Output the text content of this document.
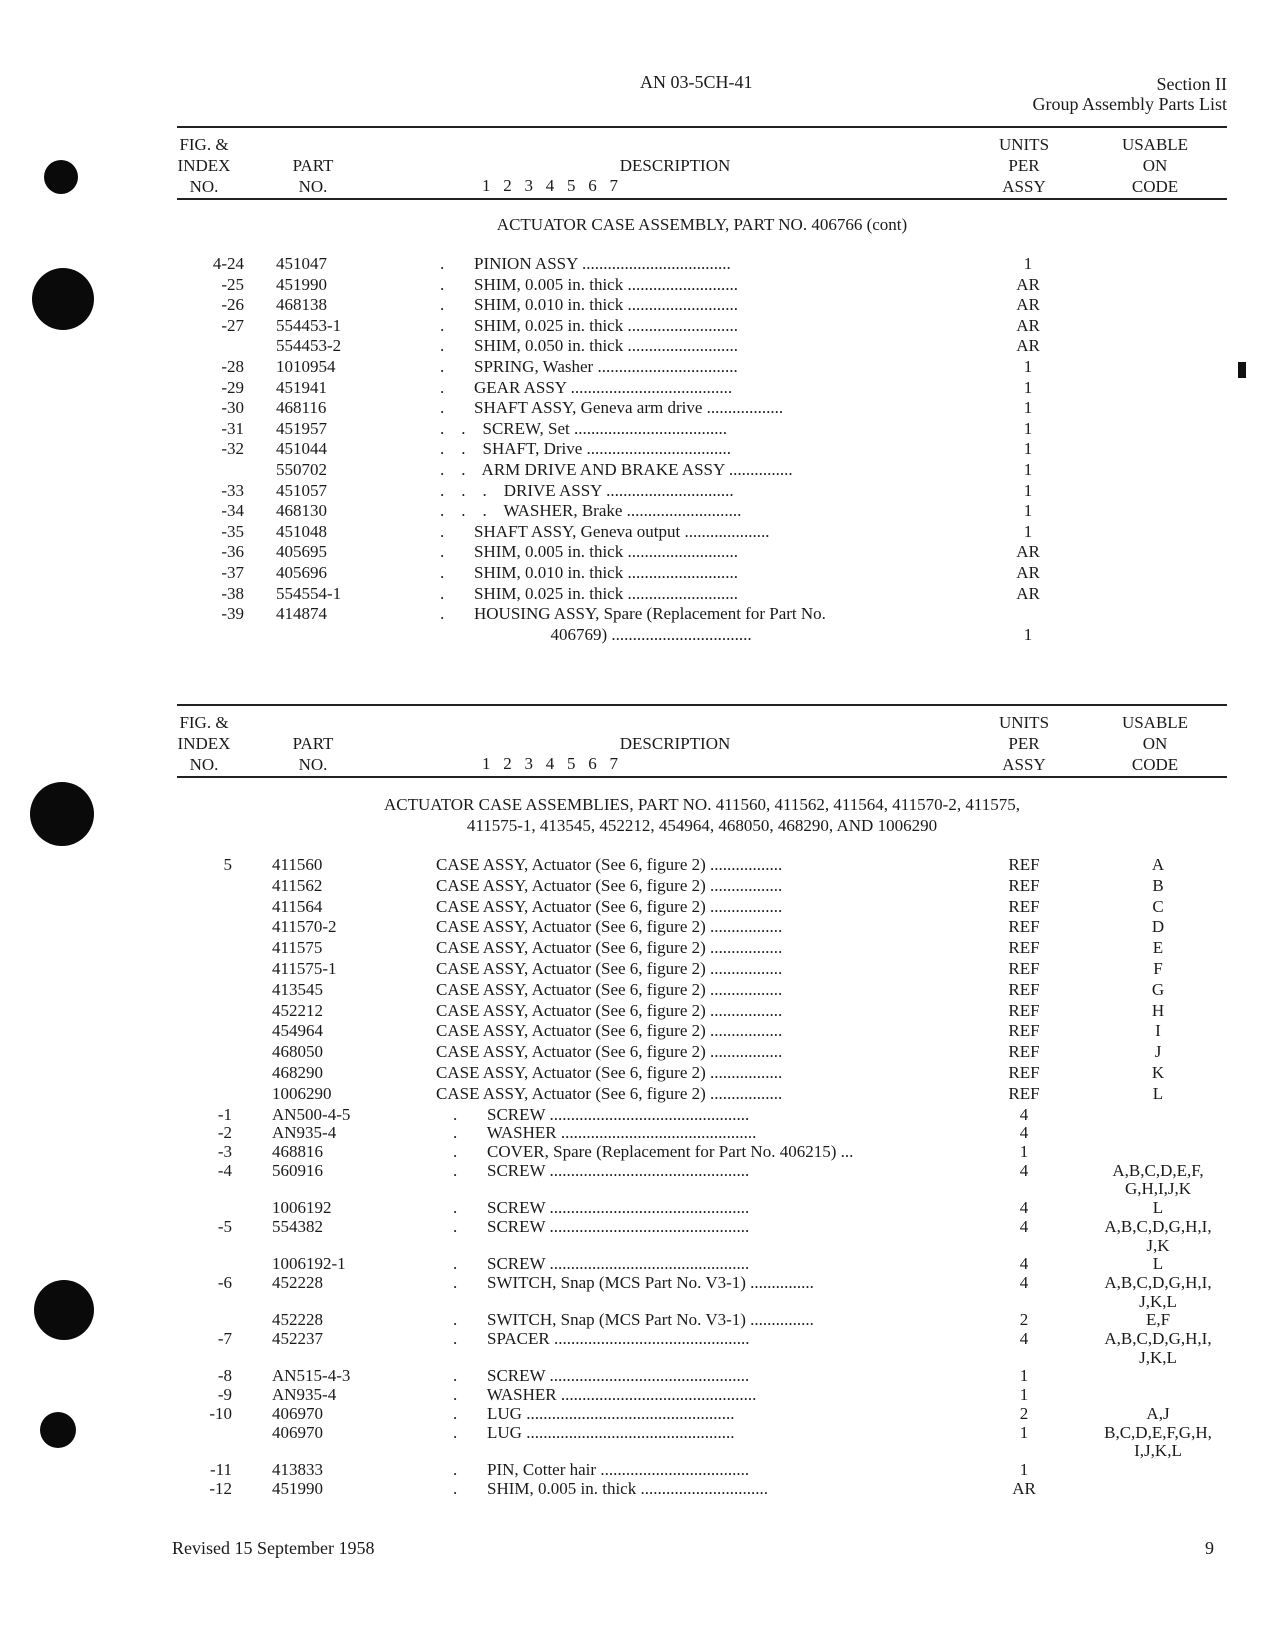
AN 03-5CH-41	Section II
Group Assembly Parts List
FIG. &
INDEX
NO.
PART
NO.
DESCRIPTION
1   2   3   4   5   6   7
UNITS
PER
ASSY
USABLE
ON
CODE
ACTUATOR CASE ASSEMBLY, PART NO. 406766 (cont)
4-24 451047	.       PINION ASSY ...................................	1
-25 451990	.       SHIM, 0.005 in. thick ..........................	AR
-26 468138	.       SHIM, 0.010 in. thick ..........................	AR
-27 554453-1	.       SHIM, 0.025 in. thick ..........................	AR
554453-2	.       SHIM, 0.050 in. thick ..........................	AR
-28 1010954	.       SPRING, Washer .................................	1
-29 451941	.       GEAR ASSY ......................................	1
-30 468116	.       SHAFT ASSY, Geneva arm drive ..................	1
-31 451957	.    .    SCREW, Set ....................................	1
-32 451044	.    .    SHAFT, Drive ..................................	1
550702	.    .    ARM DRIVE AND BRAKE ASSY ...............	1
-33 451057	.    .    .    DRIVE ASSY ..............................	1
-34 468130	.    .    .    WASHER, Brake ...........................	1
-35 451048	.       SHAFT ASSY, Geneva output ....................	1
-36 405695	.       SHIM, 0.005 in. thick ..........................	AR
-37 405696	.       SHIM, 0.010 in. thick ..........................	AR
-38 554554-1	.       SHIM, 0.025 in. thick ..........................	AR
-39 414874	.       HOUSING ASSY, Spare (Replacement for Part No.
406769) .................................	1
FIG. &
INDEX
NO.
PART
NO.
DESCRIPTION
1   2   3   4   5   6   7
UNITS
PER
ASSY
USABLE
ON
CODE
ACTUATOR CASE ASSEMBLIES, PART NO. 411560, 411562, 411564, 411570-2, 411575,
411575-1, 413545, 452212, 454964, 468050, 468290, AND 1006290
5 411560	CASE ASSY, Actuator (See 6, figure 2) .................	REF	A
411562	CASE ASSY, Actuator (See 6, figure 2) .................	REF	B
411564	CASE ASSY, Actuator (See 6, figure 2) .................	REF	C
411570-2	CASE ASSY, Actuator (See 6, figure 2) .................	REF	D
411575	CASE ASSY, Actuator (See 6, figure 2) .................	REF	E
411575-1	CASE ASSY, Actuator (See 6, figure 2) .................	REF	F
413545	CASE ASSY, Actuator (See 6, figure 2) .................	REF	G
452212	CASE ASSY, Actuator (See 6, figure 2) .................	REF	H
454964	CASE ASSY, Actuator (See 6, figure 2) .................	REF	I
468050	CASE ASSY, Actuator (See 6, figure 2) .................	REF	J
468290	CASE ASSY, Actuator (See 6, figure 2) .................	REF	K
1006290	CASE ASSY, Actuator (See 6, figure 2) .................	REF	L
-1 AN500-4-5	.       SCREW ...............................................	4
-2 AN935-4	.       WASHER ..............................................	4
-3 468816	.       COVER, Spare (Replacement for Part No. 406215) ...	1
-4 560916	.       SCREW ...............................................	4	A,B,C,D,E,F,
G,H,I,J,K
1006192	.       SCREW ...............................................	4	L
-5 554382	.       SCREW ...............................................	4	A,B,C,D,G,H,I,
J,K
1006192-1	.       SCREW ...............................................	4	L
-6 452228	.       SWITCH, Snap (MCS Part No. V3-1) ...............	4	A,B,C,D,G,H,I,
J,K,L
452228	.       SWITCH, Snap (MCS Part No. V3-1) ...............	2	E,F
-7 452237	.       SPACER ..............................................	4	A,B,C,D,G,H,I,
J,K,L
-8 AN515-4-3	.       SCREW ...............................................	1
-9 AN935-4	.       WASHER ..............................................	1
-10 406970	.       LUG .................................................	2	A,J
406970	.       LUG .................................................	1	B,C,D,E,F,G,H,
I,J,K,L
-11 413833	.       PIN, Cotter hair ...................................	1
-12 451990	.       SHIM, 0.005 in. thick ..............................	AR
Revised 15 September 1958	9
